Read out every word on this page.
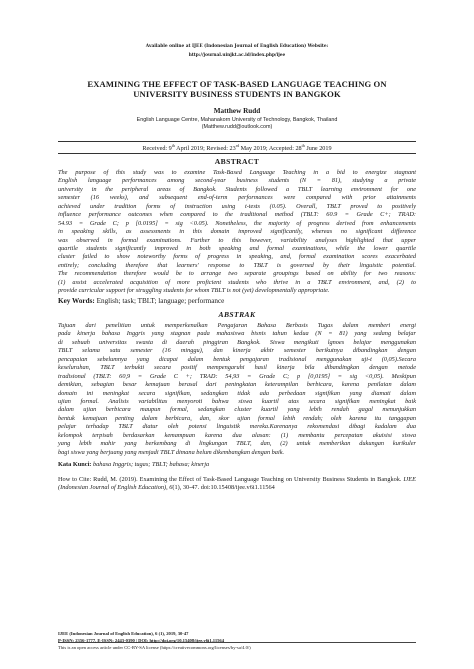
Available online at IJEE (Indonesian Journal of English Education) Website:
http://journal.uinjkt.ac.id/index.php/ijee
EXAMINING THE EFFECT OF TASK-BASED LANGUAGE TEACHING ON
UNIVERSITY BUSINESS STUDENTS IN BANGKOK
Matthew Rudd
English Language Centre, Mahanakorn University of Technology, Bangkok, Thailand
(Matthew.rudd@outlook.com)
Received: 9th April 2019; Revised: 23rd May 2019; Accepted: 28th June 2019
ABSTRACT
The purpose of this study was to examine Task-Based Language Teaching in a bid to energize stagnant
English language performances among second-year business students (N = 81), studying a private
university in the peripheral areas of Bangkok. Students followed a TBLT learning environment for one
semester (16 weeks), and subsequent end-of-term performances were compared with prior attainments
achieved under tradition forms of instruction using t-tests (0.05). Overall, TBLT proved to positively
influence performance outcomes when compared to the traditional method (TBLT: 60.9 = Grade C+; TRAD:
54.93 = Grade C; p [0.0195] = sig <0.05). Nonetheless, the majority of progress derived from enhancements
in speaking skills, as assessments in this domain improved significantly, whereas no significant difference
was observed in formal examinations. Further to this however, variability analyses highlighted that upper
quartile students significantly improved in both speaking and formal examinations, while the lower quartile
cluster failed to show noteworthy forms of progress in speaking, and, formal examination scores exacerbated
entirely; concluding therefore that learners' response to TBLT is governed by their linguistic potential.
The recommendation therefore would be to arrange two separate groupings based on ability for two reasons:
(1) assist accelerated acquisition of more proficient students who thrive in a TBLT environment, and, (2) to
provide curricular support for struggling students for whom TBLT is not (yet) developmentally appropriate.
Key Words: English; task; TBLT; language; performance
ABSTRAK
Tujuan dari penelitian untuk memperkenalkan Pengajaran Bahasa Berbasis Tugas dalam memberi energi
pada kinerja bahasa Inggris yang stagnan pada mahasiswa bisnis tahun kedua (N = 81) yang sedang belajar
di sebuah universitas swasta di daerah pinggiran Bangkok. Siswa mengikuti lgnoes belajar menggunakan
TBLT selama satu semester (16 minggu), dan kinerja akhir semester berikutnya dibandingkan dengan
pencapaian sebelumnya yang dicapai dalam bentuk pengajaran tradisional menggunakan uji-t (0,05).Secara
keseluruhan, TBLT terbukti secara positif mempengaruhi hasil kinerja bila dibandingkan dengan metode
tradisional (TBLT: 60,9 = Grade C +; TRAD: 54,93 = Grade C; p [0,0195] = sig <0,05). Meskipun
demikian, sebagian besar kemajuan berasal dari peningkatan keterampilan berbicara, karena penilaian dalam
domain ini meningkat secara signifikan, sedangkan tidak ada perbedaan signifikan yang diamati dalam
ujian formal. Analisis variabilitas menyoroti bahwa siswa kuartil atas secara signifikan meningkat baik
dalam ujian berbicara maupun formal, sedangkan cluster kuartil yang lebih rendah gagal menunjukkan
bentuk kemajuan penting dalam berbicara, dan, skor ujian formal lebih rendah; oleh karena itu tanggapan
pelajar terhadap TBLT diatur oleh potensi linguistik mereka.Karenanya rekomendasi dibagi kadalam dua
kelompok terpisah berdasarkan kemampuan karena dua alasan: (1) membantu percepatan akuisisi siswa
yang lebih mahir yang berkembang di lingkungan TBLT, dan, (2) untuk memberikan dukungan kurikuler
bagi siswa yang berjuang yang menjadi TBLT dimana belum dikembangkan dengan baik.
Kata Kunci: bahasa Inggris; tugas; TBLT; bahasa; kinerja
How to Cite: Rudd, M. (2019). Examining the Effect of Task-Based Language Teaching on University Business Students in Bangkok. IJEE (Indonesian Journal of English Education), 6(1), 30-47. doi:10.15408/ijee.v6i1.11564
IJEE (Indonesian Journal of English Education), 6 (1), 2019, 30-47
P-ISSN: 2356-1777, E-ISSN: 2443-0390 | DOI: http://doi.org/10.15408/ijee.v6i1.11564
This is an open access article under CC-BY-SA license (https://creativecommons.org/licenses/by-sa/4.0/)
